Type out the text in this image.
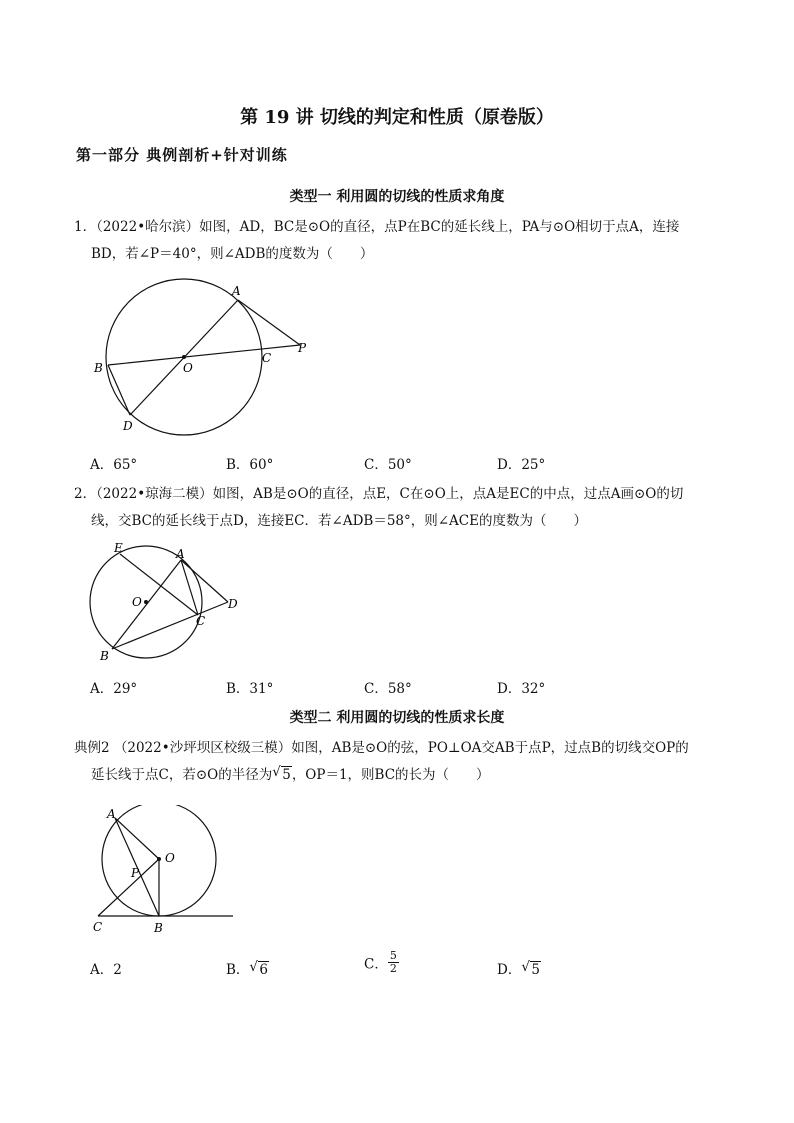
第 19 讲 切线的判定和性质（原卷版）
第一部分 典例剖析+针对训练
类型一 利用圆的切线的性质求角度
1．（2022•哈尔滨）如图，AD，BC是⊙O的直径，点P在BC的延长线上，PA与⊙O相切于点A，连接
BD，若∠P＝40°，则∠ADB的度数为（　　）
A
B
C
D
O
P
A．65°	B．60°	C．50°	D．25°
2．（2022•琼海二模）如图，AB是⊙O的直径，点E，C在⊙O上，点A是EC的中点，过点A画⊙O的切
线，交BC的延长线于点D，连接EC．若∠ADB＝58°，则∠ACE的度数为（　　）
E	A
O
C
D
B
A．29°	B．31°	C．58°	D．32°
类型二 利用圆的切线的性质求长度
典例2 （2022•沙坪坝区校级三模）如图，AB是⊙O的弦，PO⊥OA交AB于点P，过点B的切线交OP的
延长线于点C，若⊙O的半径为 √ 5，OP＝1，则BC的长为（　　）
A
O
P
C	B
A．2	B． √ 6	C． $\frac{5}{2}$	D． √ 5
